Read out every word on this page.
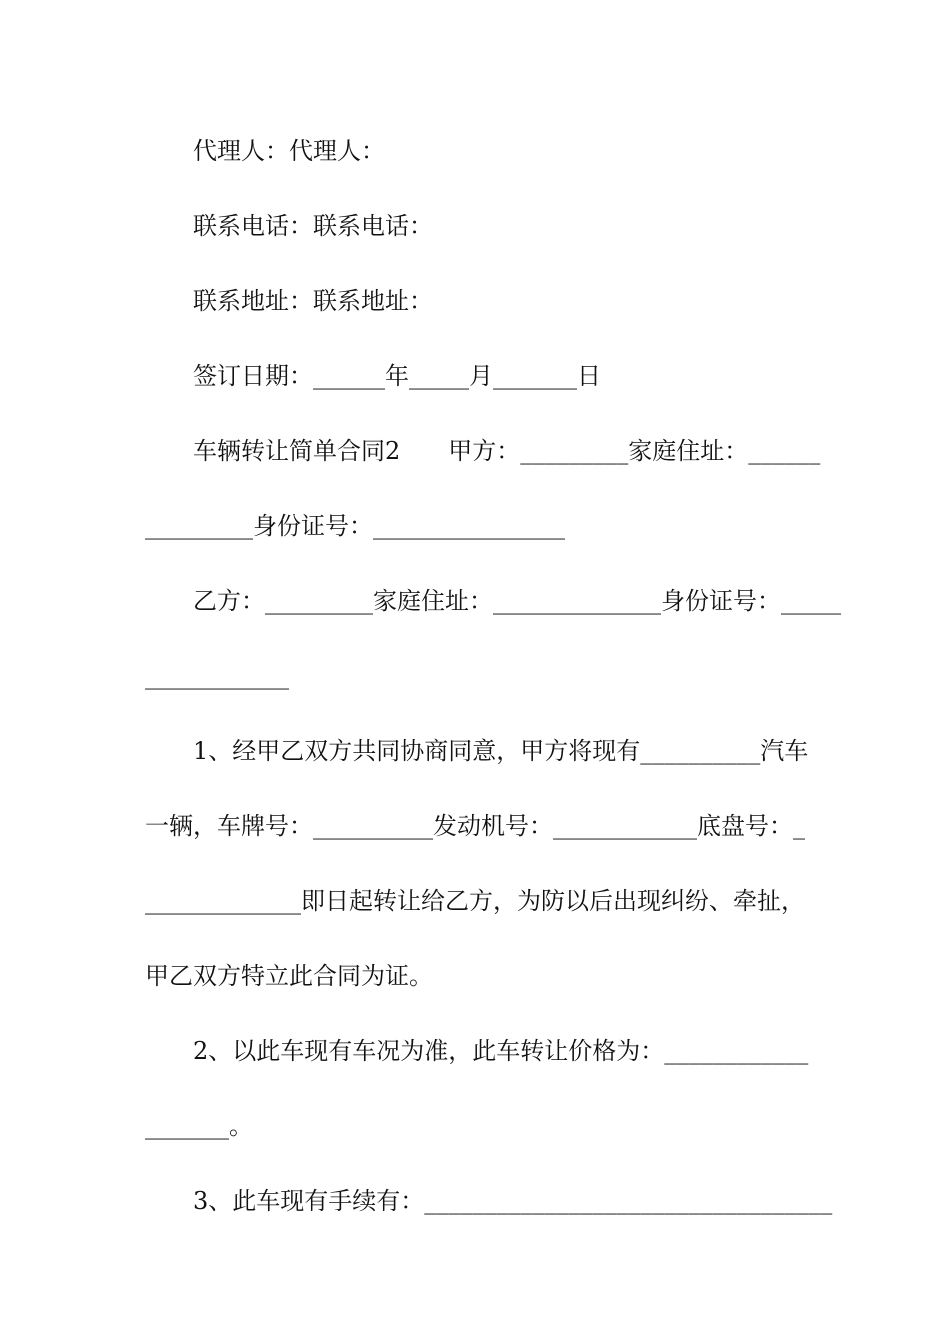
代理人：代理人：
联系电话：联系电话：
联系地址：联系地址：
签订日期：______年_____月_______日
车辆转让简单合同2　　甲方：_________家庭住址：______
_________身份证号：________________
乙方：_________家庭住址：______________身份证号：_____
____________
1、经甲乙双方共同协商同意，甲方将现有__________汽车
一辆，车牌号：__________发动机号：____________底盘号：_
_____________即日起转让给乙方，为防以后出现纠纷、牵扯，
甲乙双方特立此合同为证。
2、以此车现有车况为准，此车转让价格为：____________
_______。
3、此车现有手续有：__________________________________
